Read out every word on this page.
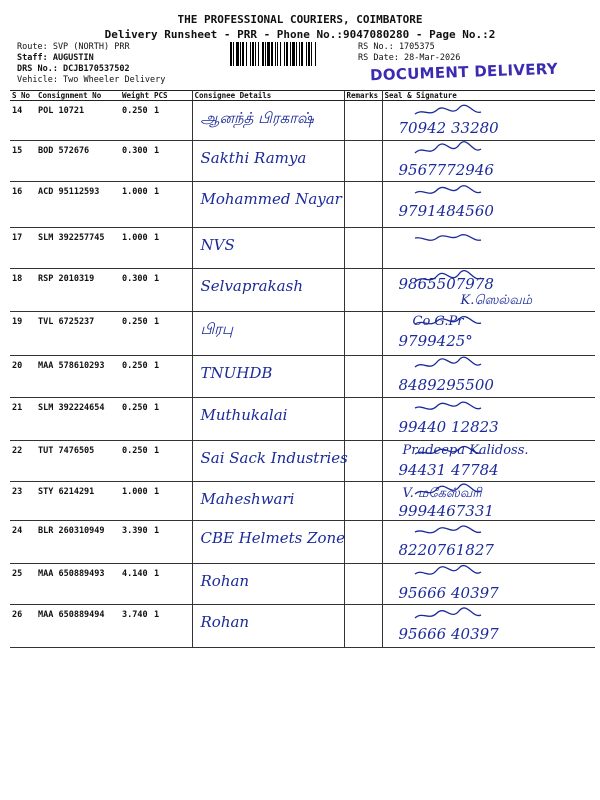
THE PROFESSIONAL COURIERS, COIMBATORE
Delivery Runsheet - PRR - Phone No.:9047080280 - Page No.:2
Route: SVP (NORTH) PRR
Staff: AUGUSTIN
DRS No.: DCJB170537502
Vehicle: Two Wheeler Delivery
RS No.: 1705375
RS Date: 28-Mar-2026
DOCUMENT DELIVERY
S No	Consignment No	Weight	PCS	Consignee Details	Remarks	Seal & Signature
14	POL 10721	0.250	1	ஆனந்த் பிரகாஷ்		70942 33280

15	BOD 572676	0.300	1	Sakthi Ramya		9567772946

16	ACD 95112593	1.000	1	Mohammed Nayar		9791484560

17	SLM 392257745	1.000	1	NVS

18	RSP 2010319	0.300	1	Selvaprakash		K.ஸெல்வம்
9865507978

19	TVL 6725237	0.250	1	பிரபு		Co G.Pr
9799425°

20	MAA 578610293	0.250	1	TNUHDB		8489295500

21	SLM 392224654	0.250	1	Muthukalai		99440 12823

22	TUT 7476505	0.250	1	Sai Sack Industries		Pradeepa Kalidoss.
94431 47784

23	STY 6214291	1.000	1	Maheshwari		V. மகேஸ்வரி
9994467331

24	BLR 260310949	3.390	1	CBE Helmets Zone		8220761827

25	MAA 650889493	4.140	1	Rohan		95666 40397

26	MAA 650889494	3.740	1	Rohan		95666 40397
